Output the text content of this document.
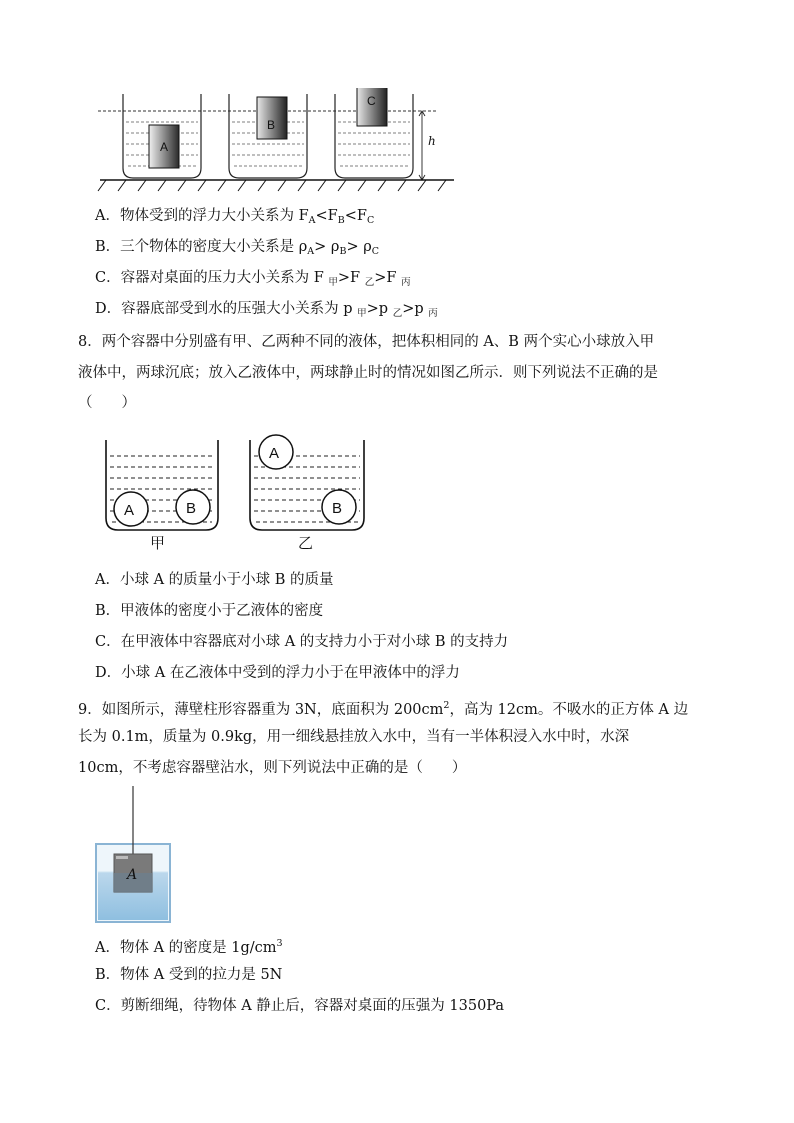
A
B
C
h
A．物体受到的浮力大小关系为 $F_A<F_B<F_C$
B．三个物体的密度大小关系是 $\rho_A> \rho_B> \rho_C$
C．容器对桌面的压力大小关系为 F $_甲$>F $_乙$>F $_丙$
D．容器底部受到水的压强大小关系为 p $_甲$>p $_乙$>p $_丙$
8．两个容器中分别盛有甲、乙两种不同的液体，把体积相同的 A、B 两个实心小球放入甲
液体中，两球沉底；放入乙液体中，两球静止时的情况如图乙所示．则下列说法不正确的是
（　　）
A	B
甲
A
B
乙
A．小球 A 的质量小于小球 B 的质量
B．甲液体的密度小于乙液体的密度
C．在甲液体中容器底对小球 A 的支持力小于对小球 B 的支持力
D．小球 A 在乙液体中受到的浮力小于在甲液体中的浮力
9．如图所示，薄壁柱形容器重为 3N，底面积为 $200cm^2$，高为 12cm。不吸水的正方体 A 边
长为 0.1m，质量为 0.9kg，用一细线悬挂放入水中，当有一半体积浸入水中时，水深
10cm，不考虑容器壁沾水，则下列说法中正确的是（　　）
A
A．物体 A 的密度是 $1g/cm^3$
B．物体 A 受到的拉力是 5N
C．剪断细绳，待物体 A 静止后，容器对桌面的压强为 1350Pa
